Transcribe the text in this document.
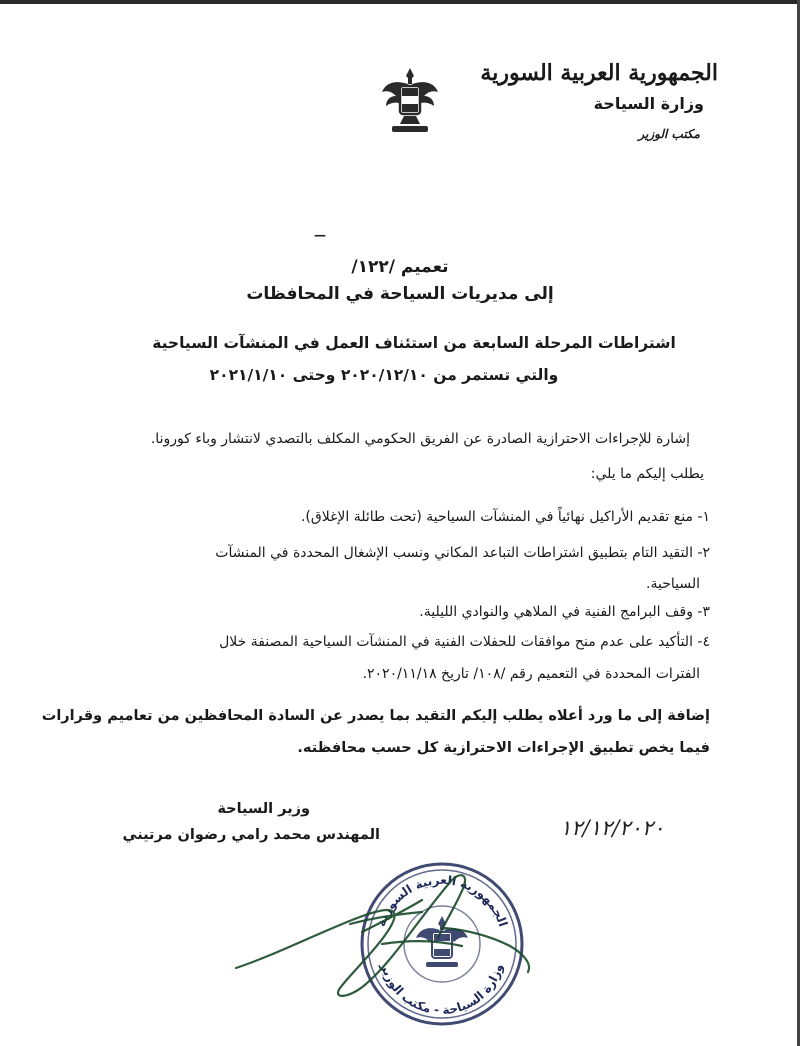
الجمهورية العربية السورية
وزارة السياحة
مكتب الوزير
—
تعميم /١٢٢/
إلى مديريات السياحة في المحافظات
اشتراطات المرحلة السابعة من استئناف العمل في المنشآت السياحية
والتي تستمر من ٢٠٢٠/١٢/١٠ وحتى ٢٠٢١/١/١٠
إشارة للإجراءات الاحترازية الصادرة عن الفريق الحكومي المكلف بالتصدي لانتشار وباء كورونا.
يطلب إليكم ما يلي:
١- منع تقديم الأراكيل نهائياً في المنشآت السياحية (تحت طائلة الإغلاق).
٢- التقيد التام بتطبيق اشتراطات التباعد المكاني ونسب الإشغال المحددة في المنشآت
السياحية.
٣- وقف البرامج الفنية في الملاهي والنوادي الليلية.
٤- التأكيد على عدم منح موافقات للحفلات الفنية في المنشآت السياحية المصنفة خلال
الفترات المحددة في التعميم رقم /١٠٨/ تاريخ ٢٠٢٠/١١/١٨.
إضافة إلى ما ورد أعلاه يطلب إليكم التقيد بما يصدر عن السادة المحافظين من تعاميم وقرارات
فيما يخص تطبيق الإجراءات الاحترازية كل حسب محافظته.
وزير السياحة
المهندس محمد رامي رضوان مرتيني	١٢/١٢/٢٠٢٠
الجمهورية العربية السورية
وزارة السياحة - مكتب الوزير
